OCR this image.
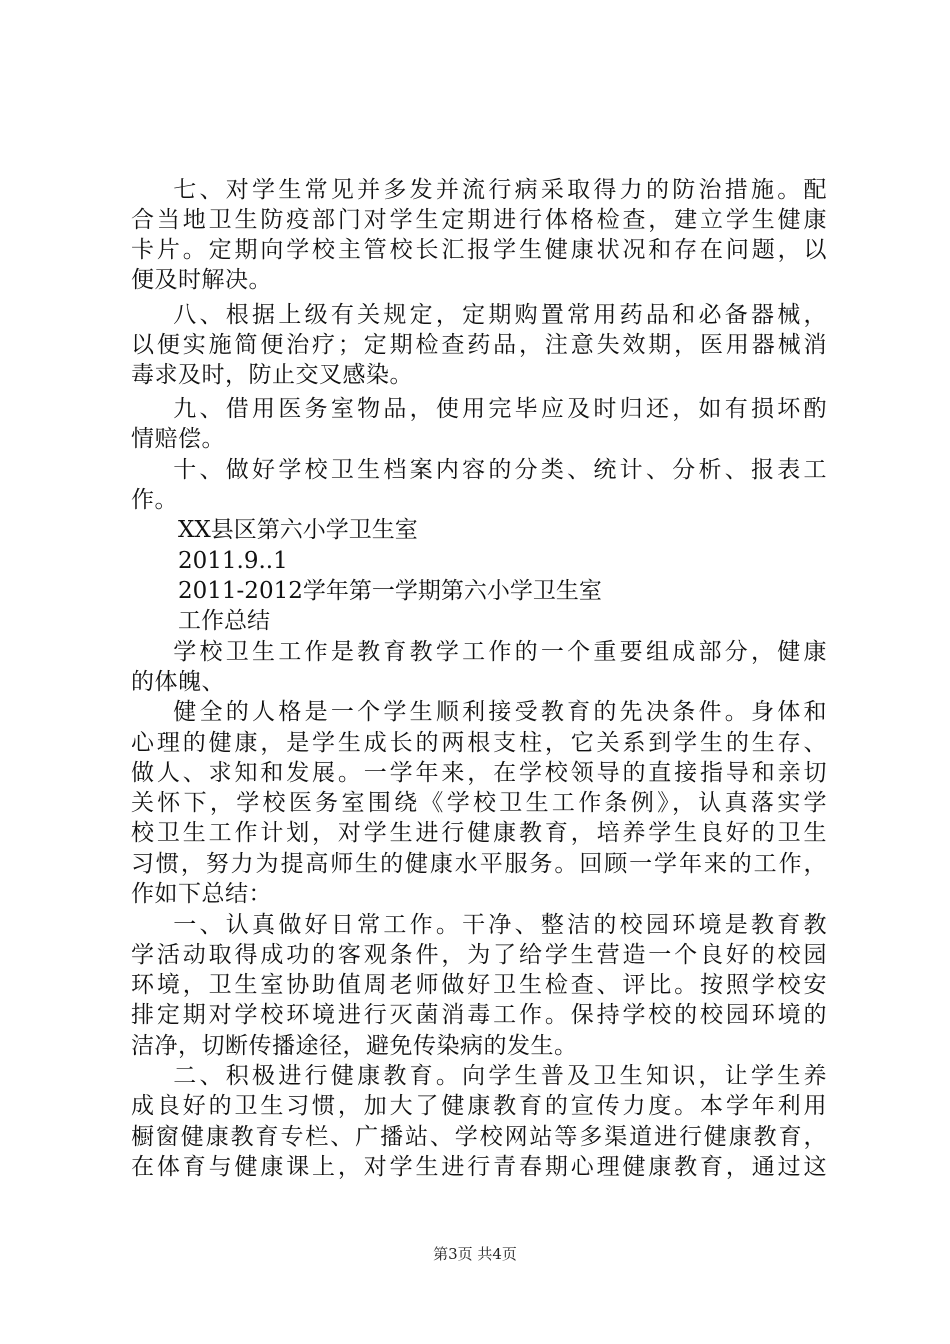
七、对学生常见并多发并流行病采取得力的防治措施。配
合当地卫生防疫部门对学生定期进行体格检查，建立学生健康
卡片。定期向学校主管校长汇报学生健康状况和存在问题，以
便及时解决。
八、根据上级有关规定，定期购置常用药品和必备器械，
以便实施简便治疗；定期检查药品，注意失效期，医用器械消
毒求及时，防止交叉感染。
九、借用医务室物品，使用完毕应及时归还，如有损坏酌
情赔偿。
十、做好学校卫生档案内容的分类、统计、分析、报表工
作。
XX县区第六小学卫生室
2011.9..1
2011-2012学年第一学期第六小学卫生室
工作总结
学校卫生工作是教育教学工作的一个重要组成部分，健康
的体魄、
健全的人格是一个学生顺利接受教育的先决条件。身体和
心理的健康，是学生成长的两根支柱，它关系到学生的生存、
做人、求知和发展。一学年来，在学校领导的直接指导和亲切
关怀下，学校医务室围绕《学校卫生工作条例》，认真落实学
校卫生工作计划，对学生进行健康教育，培养学生良好的卫生
习惯，努力为提高师生的健康水平服务。回顾一学年来的工作，
作如下总结：
一、认真做好日常工作。干净、整洁的校园环境是教育教
学活动取得成功的客观条件，为了给学生营造一个良好的校园
环境，卫生室协助值周老师做好卫生检查、评比。按照学校安
排定期对学校环境进行灭菌消毒工作。保持学校的校园环境的
洁净，切断传播途径，避免传染病的发生。
二、积极进行健康教育。向学生普及卫生知识，让学生养
成良好的卫生习惯，加大了健康教育的宣传力度。本学年利用
橱窗健康教育专栏、广播站、学校网站等多渠道进行健康教育，
在体育与健康课上，对学生进行青春期心理健康教育，通过这
第3页 共4页
